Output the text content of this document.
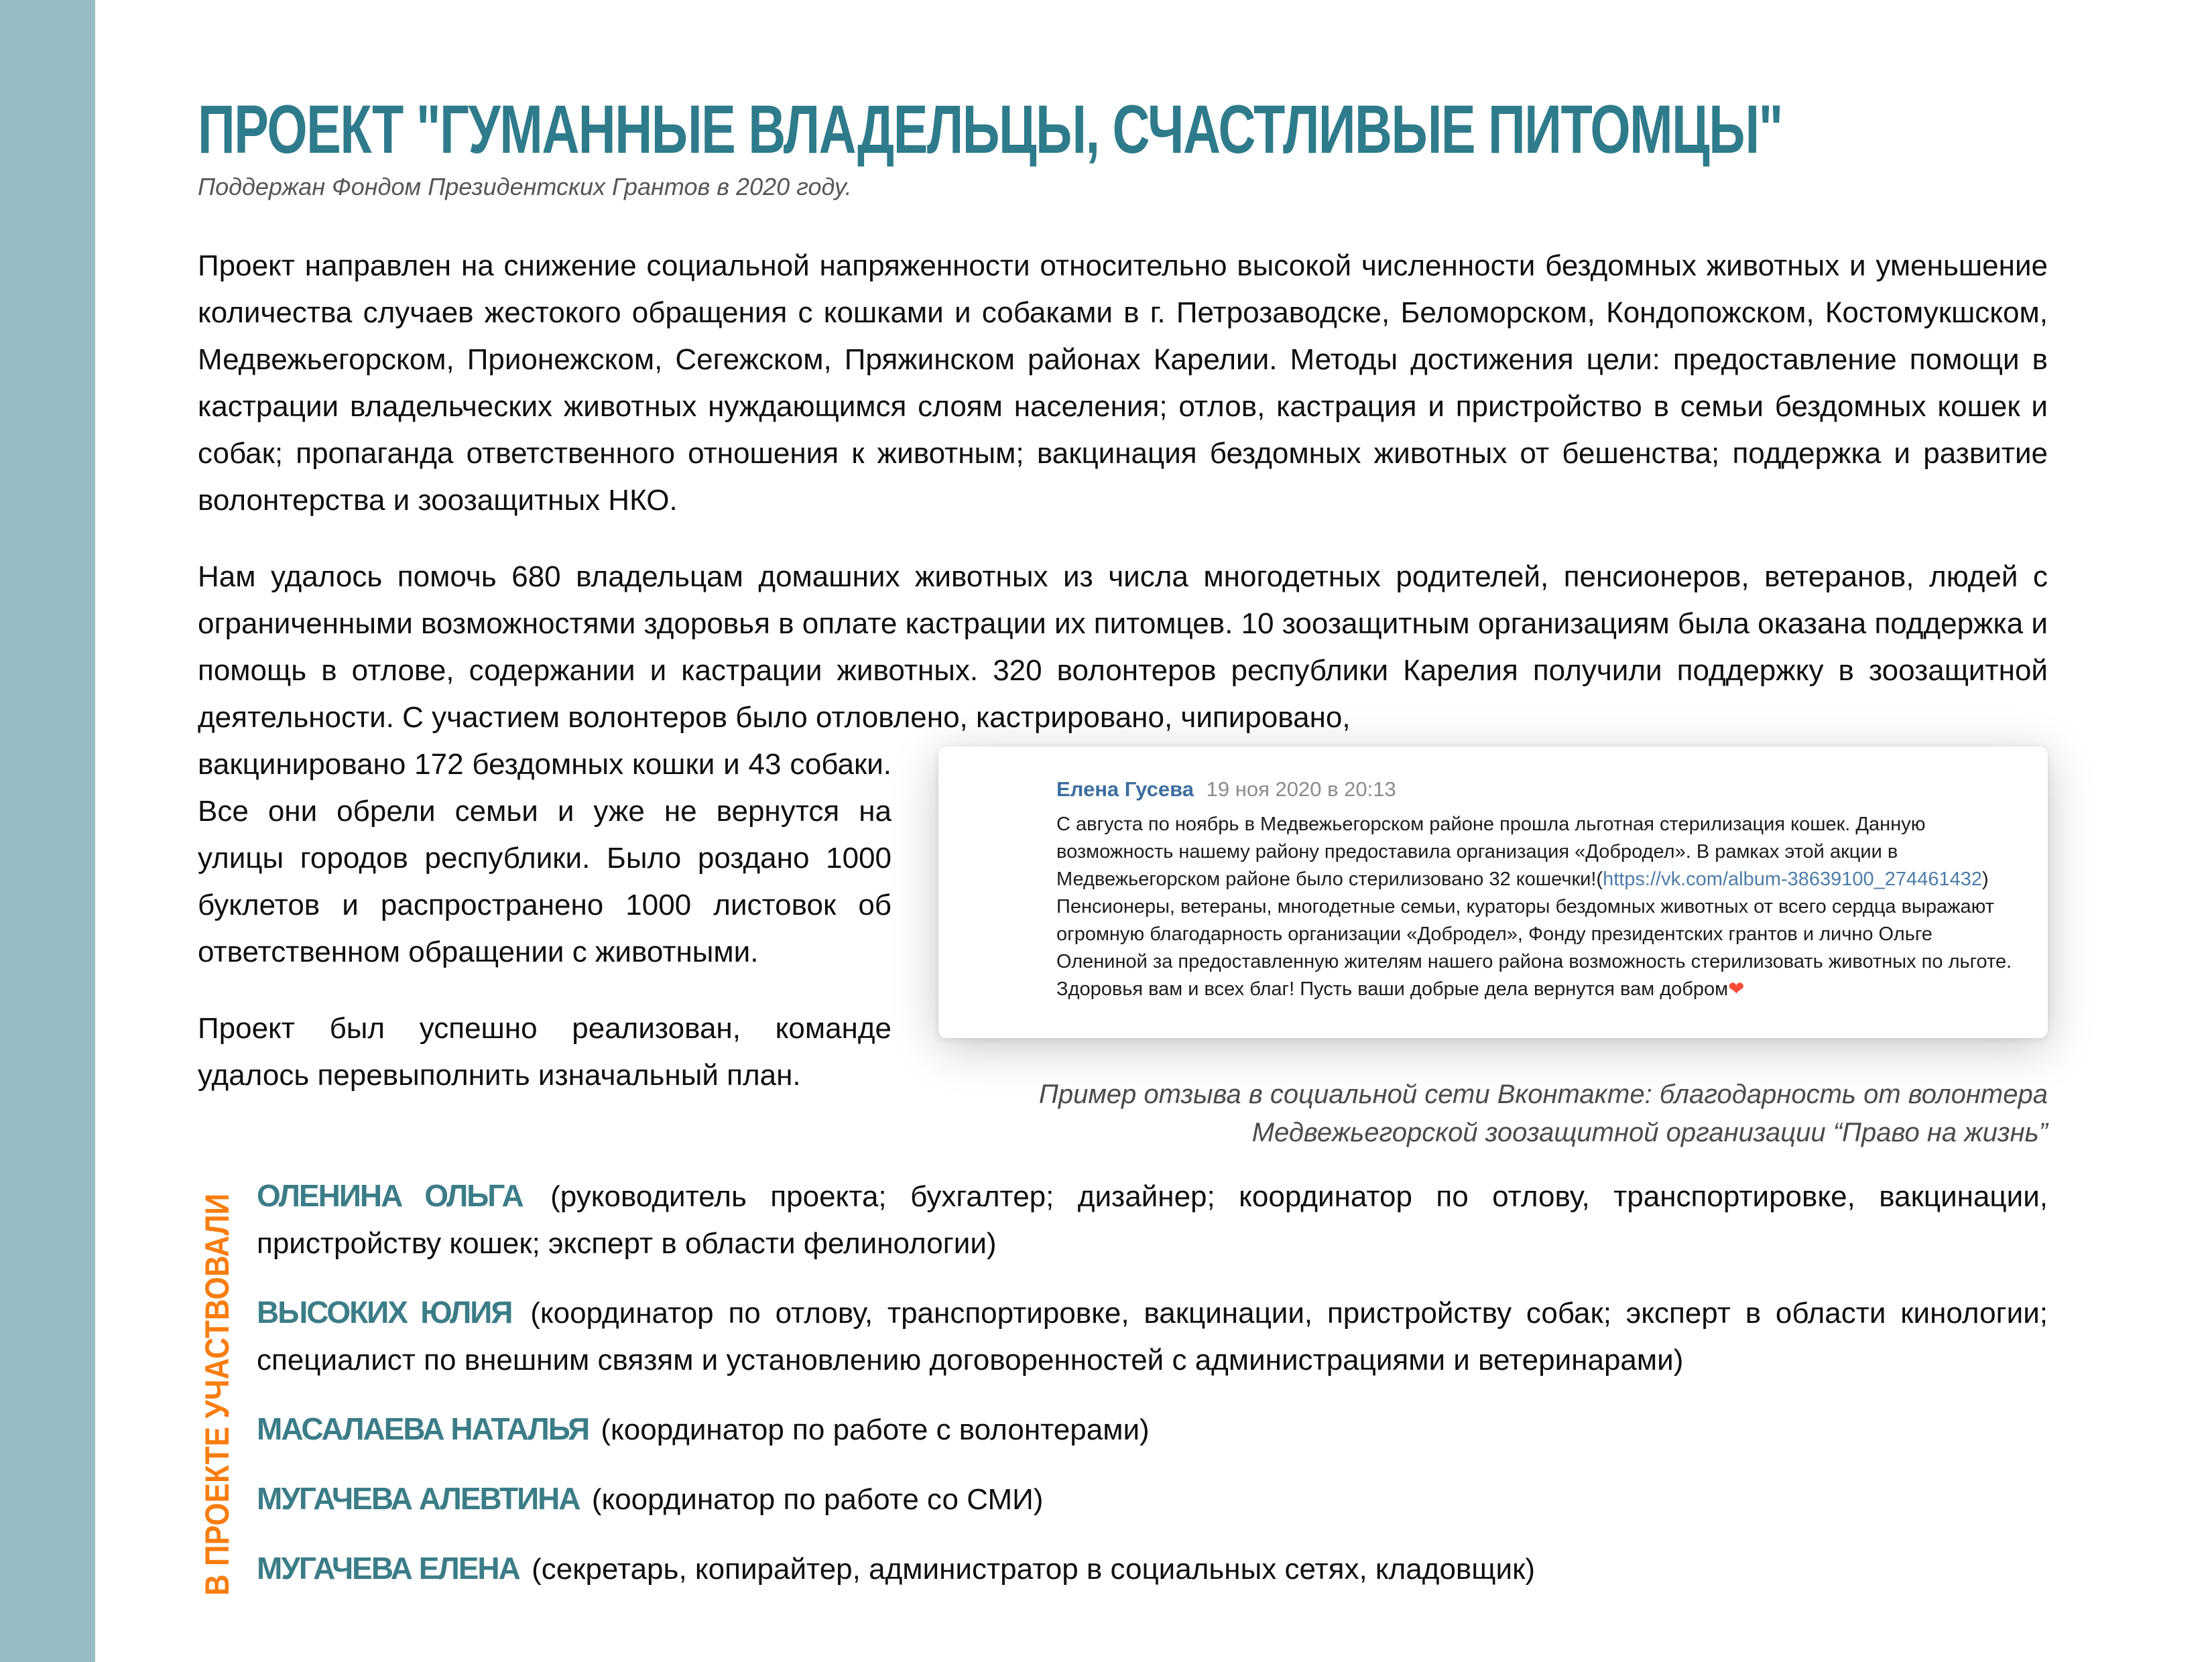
ПРОЕКТ "ГУМАННЫЕ ВЛАДЕЛЬЦЫ, СЧАСТЛИВЫЕ ПИТОМЦЫ"
Поддержан Фондом Президентских Грантов в 2020 году.

Проект направлен на снижение социальной напряженности относительно высокой численности бездомных животных и уменьшение количества случаев жестокого обращения с кошками и собаками в г. Петрозаводске, Беломорском, Кондопожском, Костомукшском, Медвежьегорском, Прионежском, Сегежском, Пряжинском районах Карелии. Методы достижения цели: предоставление помощи в кастрации владельческих животных нуждающимся слоям населения; отлов, кастрация и пристройство в семьи бездомных кошек и собак; пропаганда ответственного отношения к животным; вакцинация бездомных животных от бешенства; поддержка и развитие волонтерства и зоозащитных НКО.

Нам удалось помочь 680 владельцам домашних животных из числа многодетных родителей, пенсионеров, ветеранов, людей с ограниченными возможностями здоровья в оплате кастрации их питомцев. 10 зоозащитным организациям была оказана поддержка и помощь в отлове, содержании и кастрации животных. 320 волонтеров республики Карелия получили поддержку в зоозащитной деятельности. С участием волонтеров было отловлено, кастрировано, чипировано,

Елена Гусева 19 ноя 2020 в 20:13
С августа по ноябрь в Медвежьегорском районе прошла льготная стерилизация кошек. Данную возможность нашему району предоставила организация «Добродел». В рамках этой акции в Медвежьегорском районе было стерилизовано 32 кошечки!(https://vk.com/album-38639100_274461432) Пенсионеры, ветераны, многодетные семьи, кураторы бездомных животных от всего сердца выражают огромную благодарность организации «Добродел», Фонду президентских грантов и лично Ольге Олениной за предоставленную жителям нашего района возможность стерилизовать животных по льготе. Здоровья вам и всех благ! Пусть ваши добрые дела вернутся вам добром❤
Пример отзыва в социальной сети Вконтакте: благодарность от волонтера Медвежьегорской зоозащитной организации “Право на жизнь”

вакцинировано 172 бездомных кошки и 43 собаки. Все они обрели семьи и уже не вернутся на улицы городов республики. Было роздано 1000 буклетов и распространено 1000 листовок об ответственном обращении с животными.

Проект был успешно реализован, команде удалось перевыполнить изначальный план.

В ПРОЕКТЕ УЧАСТВОВАЛИ ОЛЕНИНА ОЛЬГА (руководитель проекта; бухгалтер; дизайнер; координатор по отлову, транспортировке, вакцинации, пристройству кошек; эксперт в области фелинологии)
ВЫСОКИХ ЮЛИЯ (координатор по отлову, транспортировке, вакцинации, пристройству собак; эксперт в области кинологии; специалист по внешним связям и установлению договоренностей с администрациями и ветеринарами)
МАСАЛАЕВА НАТАЛЬЯ (координатор по работе с волонтерами)
МУГАЧЕВА АЛЕВТИНА (координатор по работе со СМИ)
МУГАЧЕВА ЕЛЕНА (секретарь, копирайтер, администратор в социальных сетях, кладовщик)
